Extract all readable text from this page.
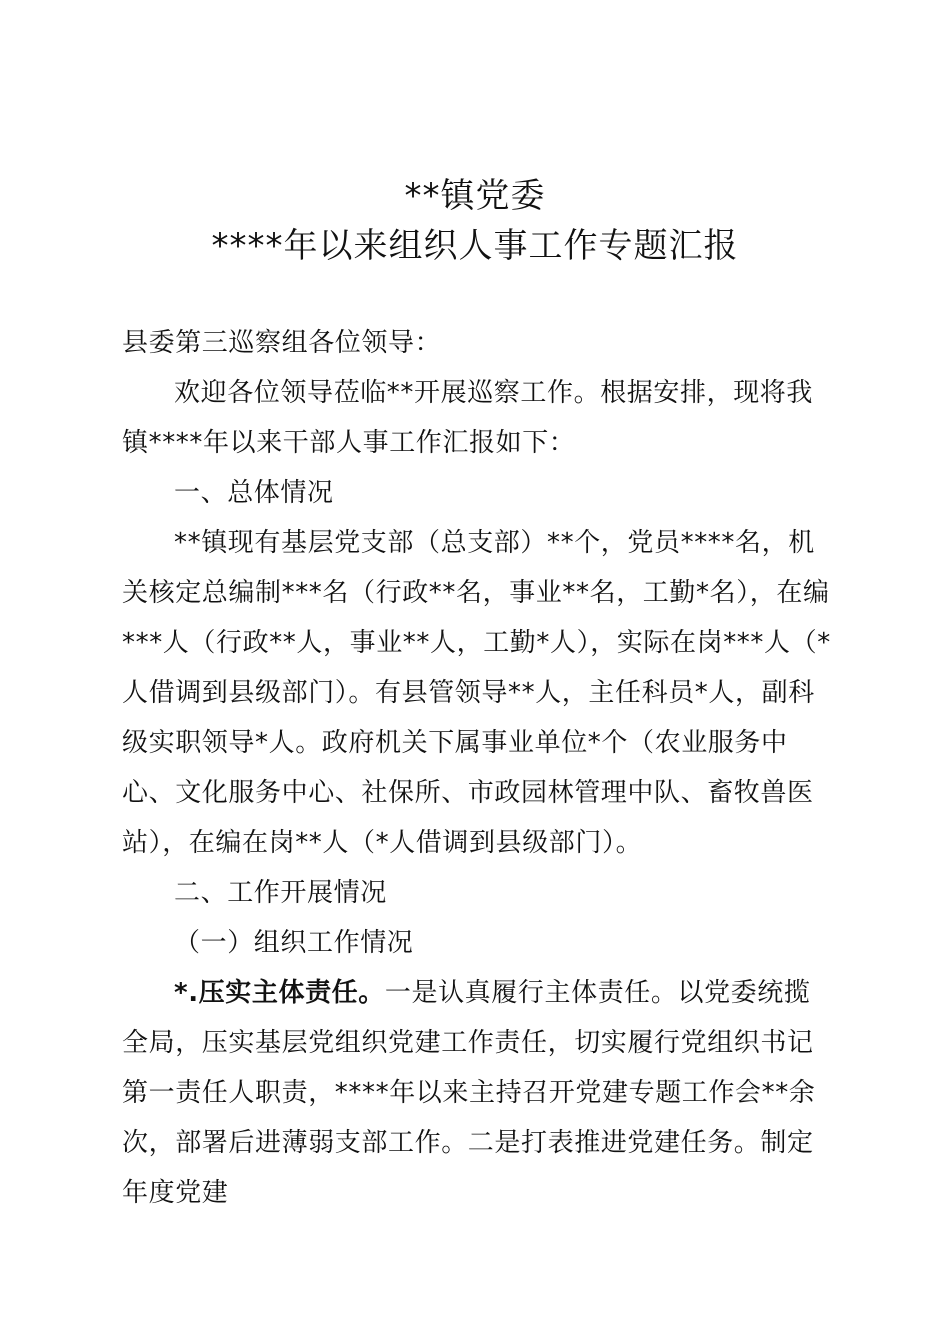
**镇党委
****年以来组织人事工作专题汇报

县委第三巡察组各位领导：

欢迎各位领导莅临**开展巡察工作。根据安排，现将我镇****年以来干部人事工作汇报如下：

一、总体情况

**镇现有基层党支部（总支部）**个，党员****名，机关核定总编制***名（行政**名，事业**名，工勤*名），在编***人（行政**人，事业**人，工勤*人），实际在岗***人（*人借调到县级部门）。有县管领导**人，主任科员*人，副科级实职领导*人。政府机关下属事业单位*个（农业服务中心、文化服务中心、社保所、市政园林管理中队、畜牧兽医站），在编在岗**人（*人借调到县级部门）。

二、工作开展情况

（一）组织工作情况

*.压实主体责任。一是认真履行主体责任。以党委统揽全局，压实基层党组织党建工作责任，切实履行党组织书记第一责任人职责，****年以来主持召开党建专题工作会**余次，部署后进薄弱支部工作。二是打表推进党建任务。制定年度党建
